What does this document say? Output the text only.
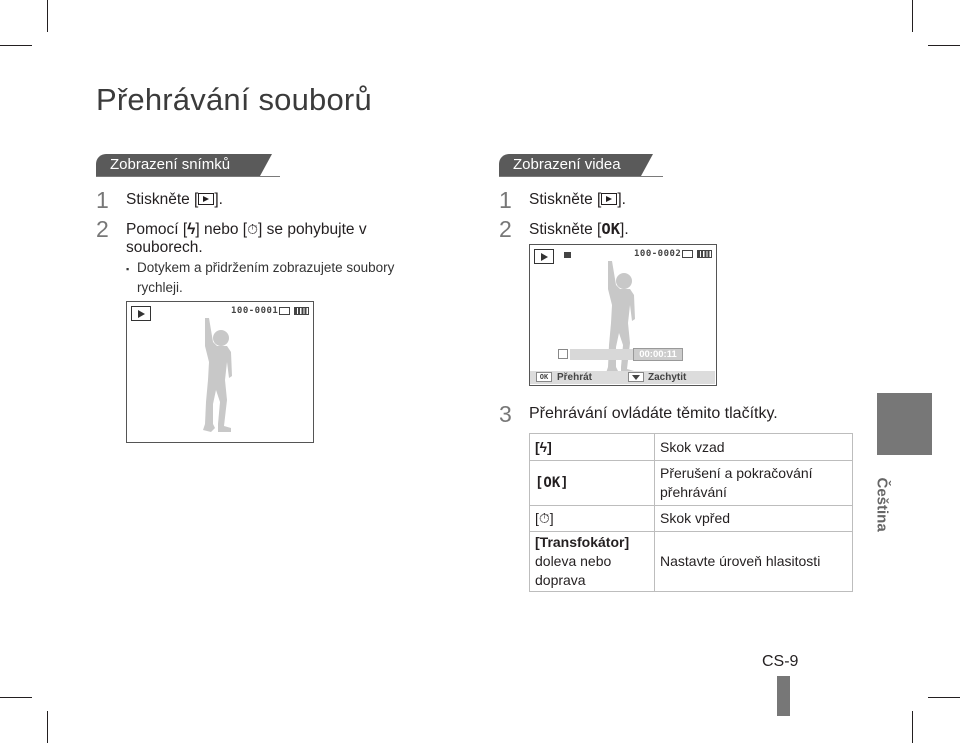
Přehrávání souborů
Zobrazení snímků
1 Stiskněte [ ].
2 Pomocí [ϟ] nebo [⏱] se pohybujte v
souborech.
▪ Dotykem a přidržením zobrazujete soubory
rychleji.
100-0001
Zobrazení videa
1 Stiskněte [ ].
2 Stiskněte [OK].
100-0002
00:00:11
OK Přehrát	Zachytit
3 Přehrávání ovládáte těmito tlačítky.
[ϟ]	Skok vzad
[OK]	Přerušení a pokračování
přehrávání

[⏱]	Skok vpřed

[Transfokátor]
doleva nebo
doprava	Nastavte úroveň hlasitosti
Čeština
CS-9
